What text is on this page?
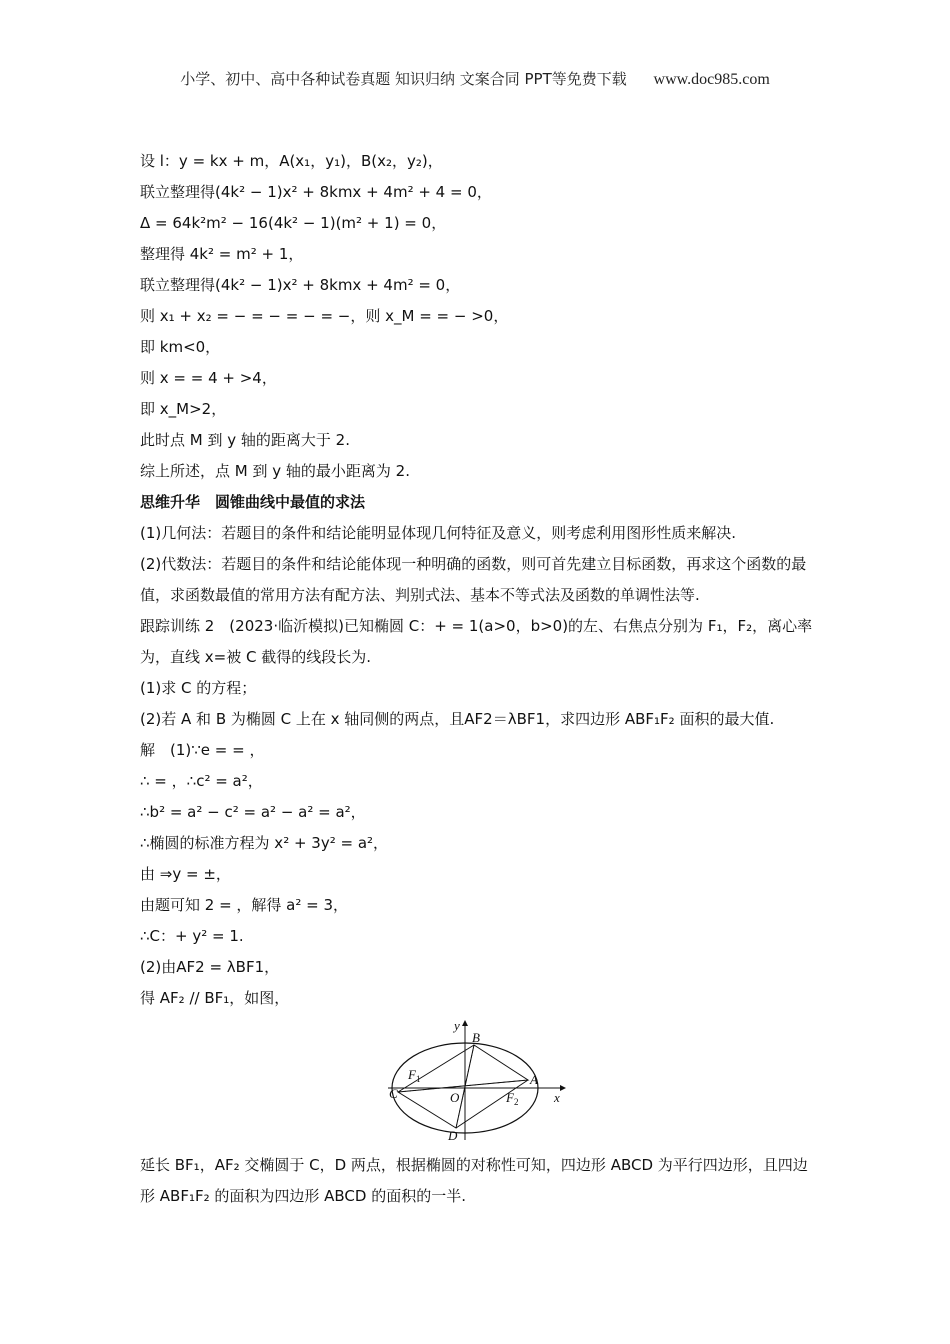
小学、初中、高中各种试卷真题 知识归纳 文案合同 PPT等免费下载 www.doc985.com
设 l：y = kx + m，A(x₁，y₁)，B(x₂，y₂)，
联立整理得(4k² − 1)x² + 8kmx + 4m² + 4 = 0，
Δ = 64k²m² − 16(4k² − 1)(m² + 1) = 0，
整理得 4k² = m² + 1，
联立整理得(4k² − 1)x² + 8kmx + 4m² = 0，
则 x₁ + x₂ = − = − = − = −，则 x_M = = − >0，
即 km<0，
则 x = = 4 + >4，
即 x_M>2，
此时点 M 到 y 轴的距离大于 2.
综上所述，点 M 到 y 轴的最小距离为 2.
思维升华　圆锥曲线中最值的求法
(1)几何法：若题目的条件和结论能明显体现几何特征及意义，则考虑利用图形性质来解决.
(2)代数法：若题目的条件和结论能体现一种明确的函数，则可首先建立目标函数，再求这个函数的最值，求函数最值的常用方法有配方法、判别式法、基本不等式法及函数的单调性法等.
跟踪训练 2　(2023·临沂模拟)已知椭圆 C：+ = 1(a>0，b>0)的左、右焦点分别为 F₁，F₂，离心率为，直线 x=被 C 截得的线段长为.
(1)求 C 的方程；
(2)若 A 和 B 为椭圆 C 上在 x 轴同侧的两点，且AF2＝λBF1，求四边形 ABF₁F₂ 面积的最大值.
解　(1)∵e = = ，
∴ = ，∴c² = a²，
∴b² = a² − c² = a² − a² = a²，
∴椭圆的标准方程为 x² + 3y² = a²，
由 ⇒y = ±，
由题可知 2 = ，解得 a² = 3，
∴C：+ y² = 1.
(2)由AF2 = λBF1，
得 AF₂ // BF₁，如图，
y
B
F 1	A
C	O	F 2	x
D
延长 BF₁，AF₂ 交椭圆于 C，D 两点，根据椭圆的对称性可知，四边形 ABCD 为平行四边形，且四边形 ABF₁F₂ 的面积为四边形 ABCD 的面积的一半.
